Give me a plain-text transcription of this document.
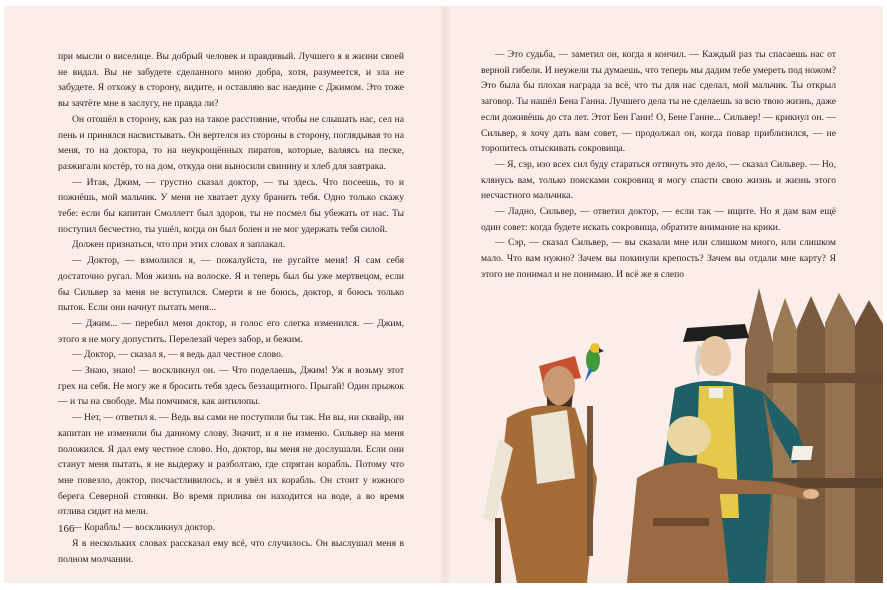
при мысли о виселице. Вы добрый человек и правдивый. Лучшего я в жизни своей не видал. Вы не забудете сделанного мною добра, хотя, разумеется, и зла не забудете. Я отхожу в сторону, видите, и оставляю вас наедине с Джимом. Это тоже вы зачтёте мне в заслугу, не правда ли?

Он отошёл в сторону, как раз на такое расстояние, чтобы не слышать нас, сел на пень и принялся насвистывать. Он вертелся из стороны в сторону, поглядывая то на меня, то на доктора, то на неукрощённых пиратов, которые, валяясь на песке, разжигали костёр, то на дом, откуда они выносили свинину и хлеб для завтрака.

— Итак, Джим, — грустно сказал доктор, — ты здесь. Что посеешь, то и пожнёшь, мой мальчик. У меня не хватает духу бранить тебя. Одно только скажу тебе: если бы капитан Смоллетт был здоров, ты не посмел бы убежать от нас. Ты поступил бесчестно, ты ушёл, когда он был болен и не мог удержать тебя силой.

Должен признаться, что при этих словах я заплакал.

— Доктор, — взмолился я, — пожалуйста, не ругайте меня! Я сам себя достаточно ругал. Моя жизнь на волоске. Я и теперь был бы уже мертвецом, если бы Сильвер за меня не вступился. Смерти я не боюсь, доктор, я боюсь только пыток. Если они начнут пытать меня...

— Джим... — перебил меня доктор, и голос его слегка изменился. — Джим, этого я не могу допустить. Перелезай через забор, и бежим.

— Доктор, — сказал я, — я ведь дал честное слово.

— Знаю, знаю! — воскликнул он. — Что поделаешь, Джим! Уж я возьму этот грех на себя. Не могу же я бросить тебя здесь беззащитного. Прыгай! Один прыжок — и ты на свободе. Мы помчимся, как антилопы.

— Нет, — ответил я. — Ведь вы сами не поступили бы так. Ни вы, ни сквайр, ни капитан не изменили бы данному слову. Значит, и я не изменю. Сильвер на меня положился. Я дал ему честное слово. Но, доктор, вы меня не дослушали. Если они станут меня пытать, я не выдержу и разболтаю, где спрятан корабль. Потому что мне повезло, доктор, посчастливилось, и я увёл их корабль. Он стоит у южного берега Северной стоянки. Во время прилива он находится на воде, а во время отлива сидит на мели.

— Корабль! — воскликнул доктор.

Я в нескольких словах рассказал ему всё, что случилось. Он выслушал меня в полном молчании.

166

— Это судьба, — заметил он, когда я кончил. — Каждый раз ты спасаешь нас от верной гибели. И неужели ты думаешь, что теперь мы дадим тебе умереть под ножом? Это была бы плохая награда за всё, что ты для нас сделал, мой мальчик. Ты открыл заговор. Ты нашёл Бена Ганна. Лучшего дела ты не сделаешь за всю твою жизнь, даже если доживёшь до ста лет. Этот Бен Ганн! О, Бене Ганне... Сильвер! — крикнул он. — Сильвер, я хочу дать вам совет, — продолжал он, когда повар приблизился, — не торопитесь отыскивать сокровища.

— Я, сэр, изо всех сил буду стараться оттянуть это дело, — сказал Сильвер. — Но, клянусь вам, только поисками сокровищ я могу спасти свою жизнь и жизнь этого несчастного мальчика.

— Ладно, Сильвер, — ответил доктор, — если так — ищите. Но я дам вам ещё один совет: когда будете искать сокровища, обратите внимание на крики.

— Сэр, — сказал Сильвер, — вы сказали мне или слишком много, или слишком мало. Что вам нужно? Зачем вы покинули крепость? Зачем вы отдали мне карту? Я этого не понимал и не понимаю. И всё же я слепо
